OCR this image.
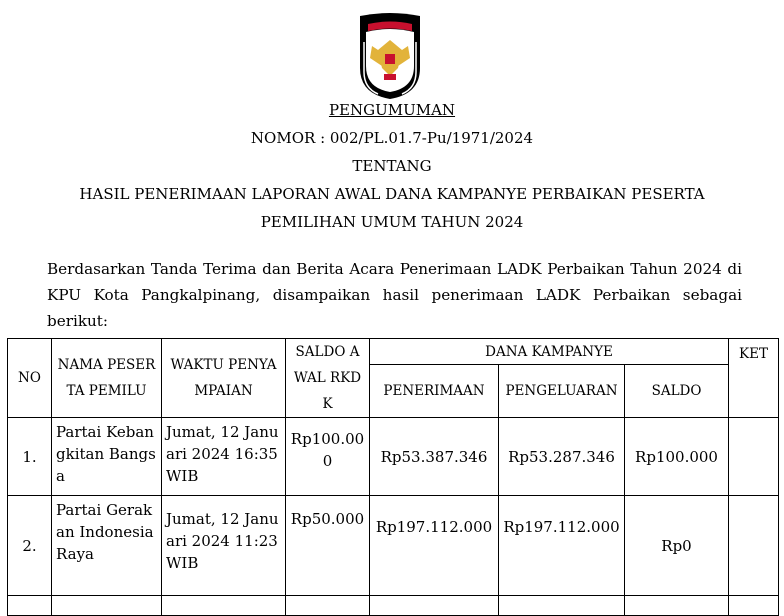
PENGUMUMAN
NOMOR : 002/PL.01.7-Pu/1971/2024
TENTANG
HASIL PENERIMAAN LAPORAN AWAL DANA KAMPANYE PERBAIKAN PESERTA
PEMILIHAN UMUM TAHUN 2024
Berdasarkan Tanda Terima dan Berita Acara Penerimaan LADK Perbaikan Tahun 2024 di KPU Kota Pangkalpinang, disampaikan hasil penerimaan LADK Perbaikan sebagai berikut:
NO	NAMA PESERTA PEMILU	WAKTU PENYAMPAIAN	SALDO AWAL RKDK	DANA KAMPANYE			KET
				PENERIMAAN	PENGELUARAN	SALDO	
1.	Partai Kebangkitan Bangsa	Jumat, 12 Januari 2024 16:35 WIB	Rp100.000	Rp53.387.346	Rp53.287.346	Rp100.000	
2.	Partai Gerakan Indonesia Raya	Jumat, 12 Januari 2024 11:23 WIB	Rp50.000	Rp197.112.000	Rp197.112.000	Rp0	
